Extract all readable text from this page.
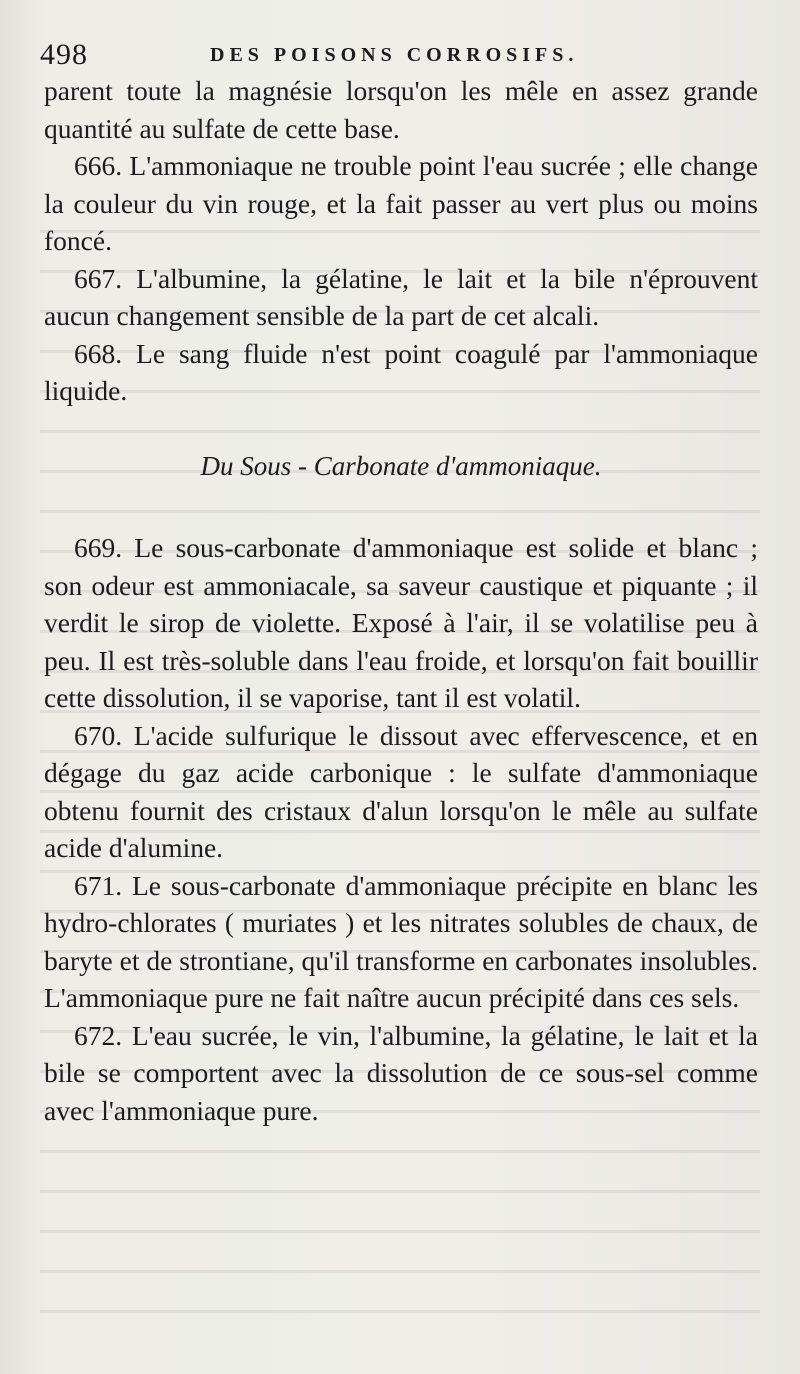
498	DES POISONS CORROSIFS.

parent toute la magnésie lorsqu'on les mêle en assez grande quantité au sulfate de cette base.

666. L'ammoniaque ne trouble point l'eau sucrée ; elle change la couleur du vin rouge, et la fait passer au vert plus ou moins foncé.

667. L'albumine, la gélatine, le lait et la bile n'éprouvent aucun changement sensible de la part de cet alcali.

668. Le sang fluide n'est point coagulé par l'ammoniaque liquide.

Du Sous - Carbonate d'ammoniaque.

669. Le sous-carbonate d'ammoniaque est solide et blanc ; son odeur est ammoniacale, sa saveur caustique et piquante ; il verdit le sirop de violette. Exposé à l'air, il se volatilise peu à peu. Il est très-soluble dans l'eau froide, et lorsqu'on fait bouillir cette dissolution, il se vaporise, tant il est volatil.

670. L'acide sulfurique le dissout avec effervescence, et en dégage du gaz acide carbonique : le sulfate d'ammoniaque obtenu fournit des cristaux d'alun lorsqu'on le mêle au sulfate acide d'alumine.

671. Le sous-carbonate d'ammoniaque précipite en blanc les hydro-chlorates ( muriates ) et les nitrates solubles de chaux, de baryte et de strontiane, qu'il transforme en carbonates insolubles. L'ammoniaque pure ne fait naître aucun précipité dans ces sels.

672. L'eau sucrée, le vin, l'albumine, la gélatine, le lait et la bile se comportent avec la dissolution de ce sous-sel comme avec l'ammoniaque pure.
